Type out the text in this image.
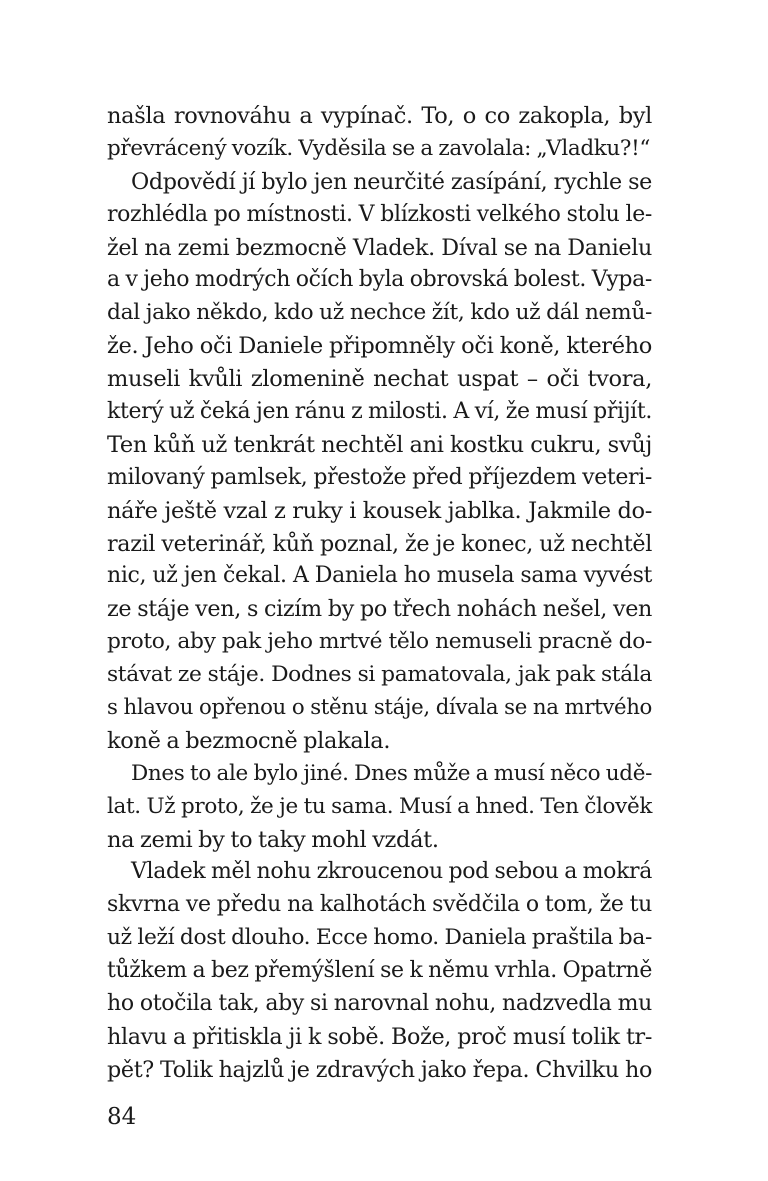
našla rovnováhu a vypínač. To, o co zakopla, byl
převrácený vozík. Vyděsila se a zavolala: „Vladku?!“
Odpovědí jí bylo jen neurčité zasípání, rychle se
rozhlédla po místnosti. V blízkosti velkého stolu le-
žel na zemi bezmocně Vladek. Díval se na Danielu
a v jeho modrých očích byla obrovská bolest. Vypa-
dal jako někdo, kdo už nechce žít, kdo už dál nemů-
že. Jeho oči Daniele připomněly oči koně, kterého
museli kvůli zlomenině nechat uspat – oči tvora,
který už čeká jen ránu z milosti. A ví, že musí přijít.
Ten kůň už tenkrát nechtěl ani kostku cukru, svůj
milovaný pamlsek, přestože před příjezdem veteri-
náře ještě vzal z ruky i kousek jablka. Jakmile do-
razil veterinář, kůň poznal, že je konec, už nechtěl
nic, už jen čekal. A Daniela ho musela sama vyvést
ze stáje ven, s cizím by po třech nohách nešel, ven
proto, aby pak jeho mrtvé tělo nemuseli pracně do-
stávat ze stáje. Dodnes si pamatovala, jak pak stála
s hlavou opřenou o stěnu stáje, dívala se na mrtvého
koně a bezmocně plakala.
Dnes to ale bylo jiné. Dnes může a musí něco udě-
lat. Už proto, že je tu sama. Musí a hned. Ten člověk
na zemi by to taky mohl vzdát.
Vladek měl nohu zkroucenou pod sebou a mokrá
skvrna ve předu na kalhotách svědčila o tom, že tu
už leží dost dlouho. Ecce homo. Daniela praštila ba-
tůžkem a bez přemýšlení se k němu vrhla. Opatrně
ho otočila tak, aby si narovnal nohu, nadzvedla mu
hlavu a přitiskla ji k sobě. Bože, proč musí tolik tr-
pět? Tolik hajzlů je zdravých jako řepa. Chvilku ho
84
